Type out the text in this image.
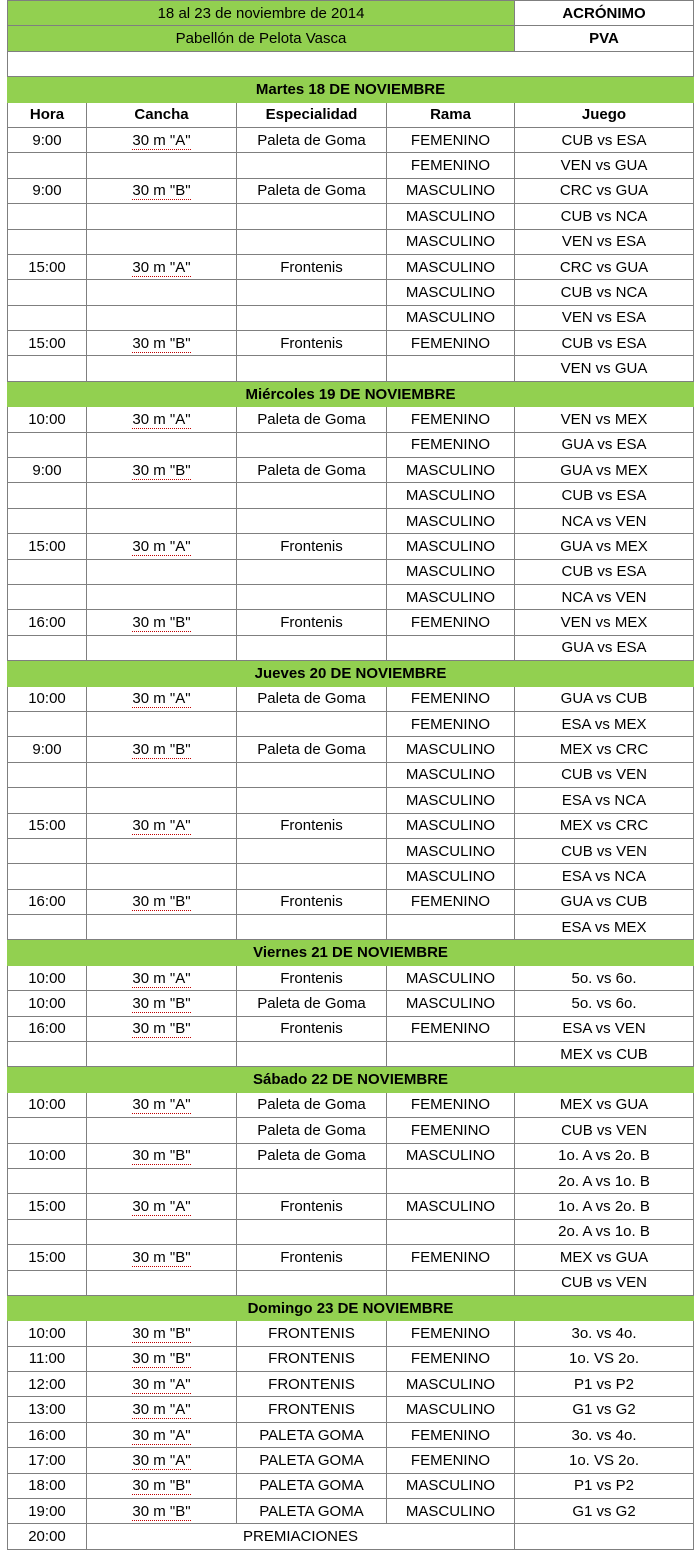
18 al 23 de noviembre de 2014				ACRÓNIMO
Pabellón de Pelota Vasca				PVA

Martes 18 DE NOVIEMBRE				
Hora	Cancha	Especialidad	Rama	Juego
9:00	30 m "A"	Paleta de Goma	FEMENINO	CUB vs ESA
			FEMENINO	VEN vs GUA
9:00	30 m "B"	Paleta de Goma	MASCULINO	CRC vs GUA
			MASCULINO	CUB vs NCA
			MASCULINO	VEN vs ESA
15:00	30 m "A"	Frontenis	MASCULINO	CRC vs GUA
			MASCULINO	CUB vs NCA
			MASCULINO	VEN vs ESA
15:00	30 m "B"	Frontenis	FEMENINO	CUB vs ESA
				VEN vs GUA
Miércoles 19 DE NOVIEMBRE				
10:00	30 m "A"	Paleta de Goma	FEMENINO	VEN vs MEX
			FEMENINO	GUA vs ESA
9:00	30 m "B"	Paleta de Goma	MASCULINO	GUA vs MEX
			MASCULINO	CUB vs ESA
			MASCULINO	NCA vs VEN
15:00	30 m "A"	Frontenis	MASCULINO	GUA vs MEX
			MASCULINO	CUB vs ESA
			MASCULINO	NCA vs VEN
16:00	30 m "B"	Frontenis	FEMENINO	VEN vs MEX
				GUA vs ESA
Jueves 20 DE NOVIEMBRE				
10:00	30 m "A"	Paleta de Goma	FEMENINO	GUA vs CUB
			FEMENINO	ESA vs MEX
9:00	30 m "B"	Paleta de Goma	MASCULINO	MEX vs CRC
			MASCULINO	CUB vs VEN
			MASCULINO	ESA vs NCA
15:00	30 m "A"	Frontenis	MASCULINO	MEX vs CRC
			MASCULINO	CUB vs VEN
			MASCULINO	ESA vs NCA
16:00	30 m "B"	Frontenis	FEMENINO	GUA vs CUB
				ESA vs MEX
Viernes 21 DE NOVIEMBRE				
10:00	30 m "A"	Frontenis	MASCULINO	5o. vs 6o.
10:00	30 m "B"	Paleta de Goma	MASCULINO	5o. vs 6o.
16:00	30 m "B"	Frontenis	FEMENINO	ESA vs VEN
				MEX vs CUB
Sábado 22 DE NOVIEMBRE				
10:00	30 m "A"	Paleta de Goma	FEMENINO	MEX vs GUA
		Paleta de Goma	FEMENINO	CUB vs VEN
10:00	30 m "B"	Paleta de Goma	MASCULINO	1o. A vs 2o. B
				2o. A vs 1o. B
15:00	30 m "A"	Frontenis	MASCULINO	1o. A vs 2o. B
				2o. A vs 1o. B
15:00	30 m "B"	Frontenis	FEMENINO	MEX vs GUA
				CUB vs VEN
Domingo 23 DE NOVIEMBRE				
10:00	30 m "B"	FRONTENIS	FEMENINO	3o. vs 4o.
11:00	30 m "B"	FRONTENIS	FEMENINO	1o. VS 2o.
12:00	30 m "A"	FRONTENIS	MASCULINO	P1 vs P2
13:00	30 m "A"	FRONTENIS	MASCULINO	G1 vs G2
16:00	30 m "A"	PALETA GOMA	FEMENINO	3o. vs 4o.
17:00	30 m "A"	PALETA GOMA	FEMENINO	1o. VS 2o.
18:00	30 m "B"	PALETA GOMA	MASCULINO	P1 vs P2
19:00	30 m "B"	PALETA GOMA	MASCULINO	G1 vs G2
20:00	PREMIACIONES			
